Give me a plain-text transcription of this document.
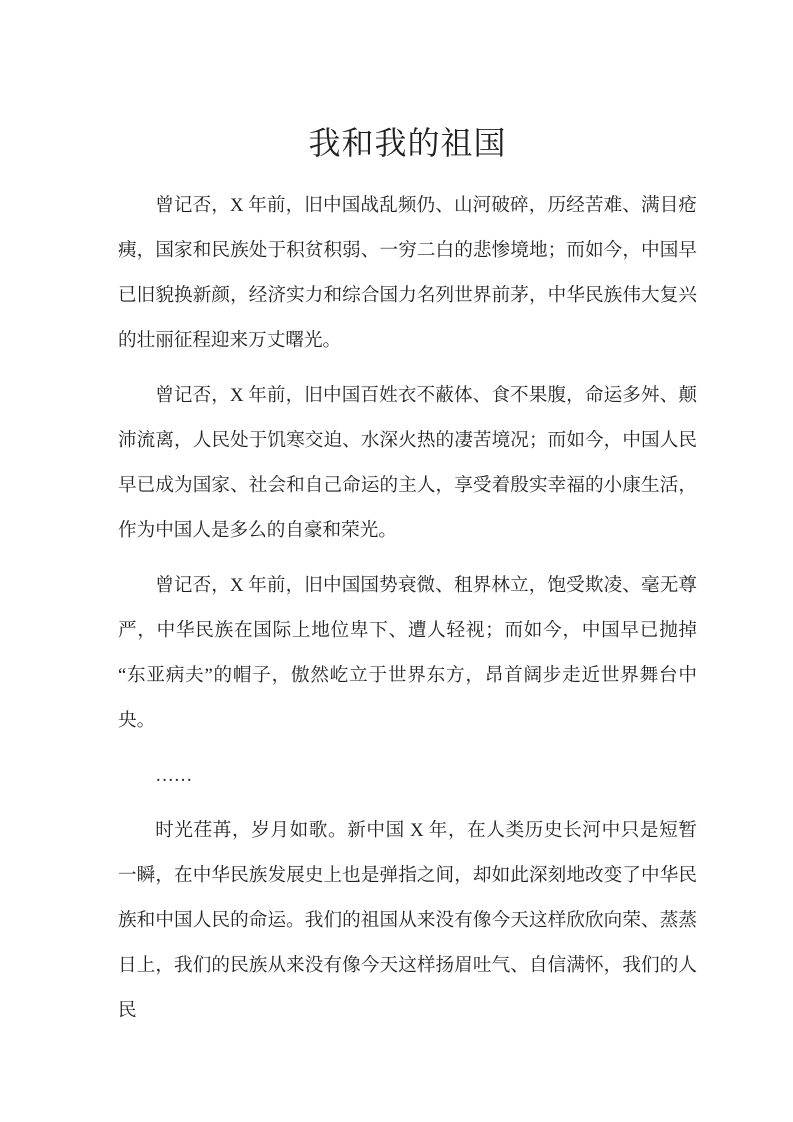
我和我的祖国

曾记否，X 年前，旧中国战乱频仍、山河破碎，历经苦难、满目疮痍，国家和民族处于积贫积弱、一穷二白的悲惨境地；而如今，中国早已旧貌换新颜，经济实力和综合国力名列世界前茅，中华民族伟大复兴的壮丽征程迎来万丈曙光。

曾记否，X 年前，旧中国百姓衣不蔽体、食不果腹，命运多舛、颠沛流离，人民处于饥寒交迫、水深火热的凄苦境况；而如今，中国人民早已成为国家、社会和自己命运的主人，享受着殷实幸福的小康生活，作为中国人是多么的自豪和荣光。

曾记否，X 年前，旧中国国势衰微、租界林立，饱受欺凌、毫无尊严，中华民族在国际上地位卑下、遭人轻视；而如今，中国早已抛掉“东亚病夫”的帽子，傲然屹立于世界东方，昂首阔步走近世界舞台中央。

……

时光荏苒，岁月如歌。新中国 X 年，在人类历史长河中只是短暂一瞬，在中华民族发展史上也是弹指之间，却如此深刻地改变了中华民族和中国人民的命运。我们的祖国从来没有像今天这样欣欣向荣、蒸蒸日上，我们的民族从来没有像今天这样扬眉吐气、自信满怀，我们的人民
